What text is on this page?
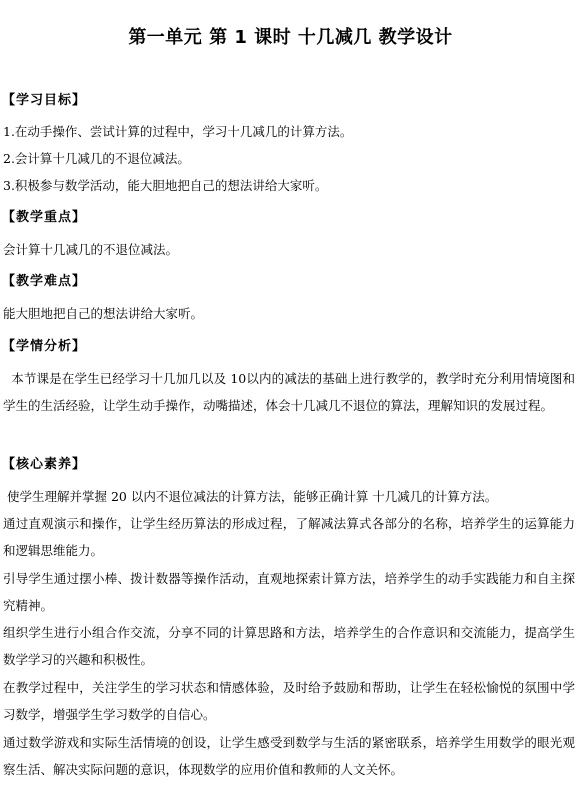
第一单元 第 1 课时 十几减几 教学设计
【学习目标】
1.在动手操作、尝试计算的过程中，学习十几减几的计算方法。
2.会计算十几减几的不退位减法。
3.积极参与数学活动，能大胆地把自己的想法讲给大家听。
【教学重点】
会计算十几减几的不退位减法。
【教学难点】
能大胆地把自己的想法讲给大家听。
【学情分析】
本节课是在学生已经学习十几加几以及 10以内的减法的基础上进行教学的，教学时充分利用情境图和学生的生活经验，让学生动手操作，动嘴描述，体会十几减几不退位的算法，理解知识的发展过程。
【核心素养】
使学生理解并掌握 20 以内不退位减法的计算方法，能够正确计算 十几减几的计算方法。
通过直观演示和操作，让学生经历算法的形成过程，了解减法算式各部分的名称，培养学生的运算能力和逻辑思维能力。
引导学生通过摆小棒、拨计数器等操作活动，直观地探索计算方法，培养学生的动手实践能力和自主探究精神。
组织学生进行小组合作交流，分享不同的计算思路和方法，培养学生的合作意识和交流能力，提高学生数学学习的兴趣和积极性。
在教学过程中，关注学生的学习状态和情感体验，及时给予鼓励和帮助，让学生在轻松愉悦的氛围中学习数学，增强学生学习数学的自信心。
通过数学游戏和实际生活情境的创设，让学生感受到数学与生活的紧密联系，培养学生用数学的眼光观察生活、解决实际问题的意识，体现数学的应用价值和教师的人文关怀。
